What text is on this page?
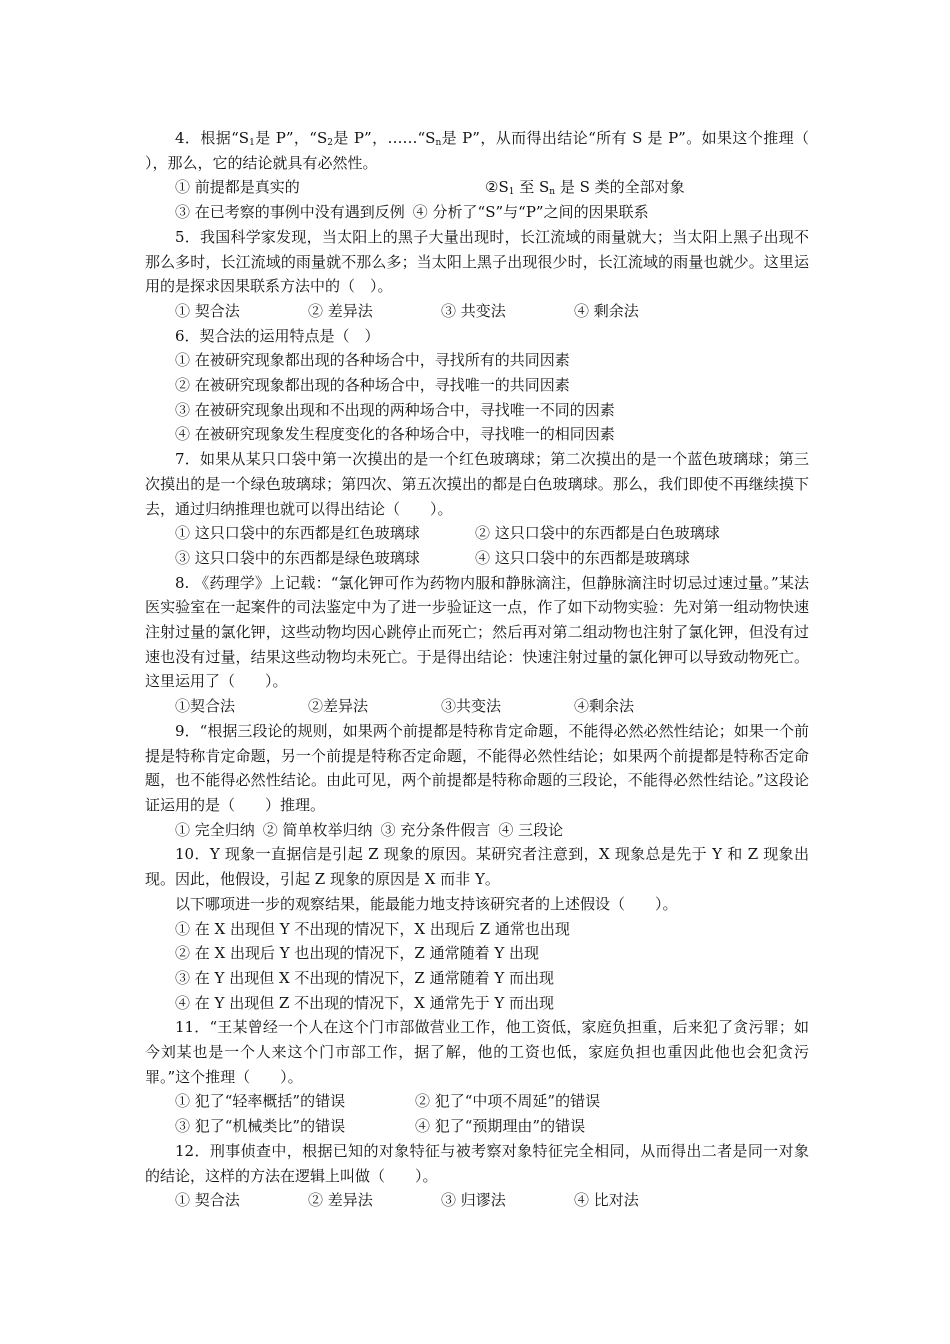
4．根据“$S_1$是 P”，“$S_2$是 P”，$\dots\dots“S_n$是 P”，从而得出结论“所有 S 是 P”。如果这个推理（　　），那么，它的结论就具有必然性。

① 前提都是真实的	$②S_1$ 至 $S_n$ 是 S 类的全部对象

③ 在已考察的事例中没有遇到反例 ④ 分析了“S”与“P”之间的因果联系

5．我国科学家发现，当太阳上的黑子大量出现时，长江流域的雨量就大；当太阳上黑子出现不那么多时，长江流域的雨量就不那么多；当太阳上黑子出现很少时，长江流域的雨量也就少。这里运用的是探求因果联系方法中的（　）。

① 契合法	② 差异法	③ 共变法	④ 剩余法

6．契合法的运用特点是（　）

① 在被研究现象都出现的各种场合中，寻找所有的共同因素

② 在被研究现象都出现的各种场合中，寻找唯一的共同因素

③ 在被研究现象出现和不出现的两种场合中，寻找唯一不同的因素

④ 在被研究现象发生程度变化的各种场合中，寻找唯一的相同因素

7．如果从某只口袋中第一次摸出的是一个红色玻璃球；第二次摸出的是一个蓝色玻璃球；第三次摸出的是一个绿色玻璃球；第四次、第五次摸出的都是白色玻璃球。那么，我们即使不再继续摸下去，通过归纳推理也就可以得出结论（　　）。

① 这只口袋中的东西都是红色玻璃球	② 这只口袋中的东西都是白色玻璃球

③ 这只口袋中的东西都是绿色玻璃球	④ 这只口袋中的东西都是玻璃球

8. 《药理学》上记载：“氯化钾可作为药物内服和静脉滴注，但静脉滴注时切忌过速过量。”某法医实验室在一起案件的司法鉴定中为了进一步验证这一点，作了如下动物实验：先对第一组动物快速注射过量的氯化钾，这些动物均因心跳停止而死亡；然后再对第二组动物也注射了氯化钾，但没有过速也没有过量，结果这些动物均未死亡。于是得出结论：快速注射过量的氯化钾可以导致动物死亡。这里运用了（　　）。

①契合法	②差异法	③共变法	④剩余法

9．“根据三段论的规则，如果两个前提都是特称肯定命题，不能得必然必然性结论；如果一个前提是特称肯定命题，另一个前提是特称否定命题，不能得必然性结论；如果两个前提都是特称否定命题，也不能得必然性结论。由此可见，两个前提都是特称命题的三段论，不能得必然性结论。”这段论证运用的是（　　）推理。

① 完全归纳 ② 简单枚举归纳 ③ 充分条件假言 ④ 三段论

10．Y 现象一直据信是引起 Z 现象的原因。某研究者注意到，X 现象总是先于 Y 和 Z 现象出现。因此，他假设，引起 Z 现象的原因是 X 而非 Y。

以下哪项进一步的观察结果，能最能力地支持该研究者的上述假设（　　）。

① 在 X 出现但 Y 不出现的情况下，X 出现后 Z 通常也出现

② 在 X 出现后 Y 也出现的情况下，Z 通常随着 Y 出现

③ 在 Y 出现但 X 不出现的情况下，Z 通常随着 Y 而出现

④ 在 Y 出现但 Z 不出现的情况下，X 通常先于 Y 而出现

11．“王某曾经一个人在这个门市部做营业工作，他工资低，家庭负担重，后来犯了贪污罪；如今刘某也是一个人来这个门市部工作，据了解，他的工资也低，家庭负担也重因此他也会犯贪污罪。”这个推理（　　）。

① 犯了“轻率概括”的错误	② 犯了“中项不周延”的错误

③ 犯了“机械类比”的错误	④ 犯了“预期理由”的错误

12．刑事侦查中，根据已知的对象特征与被考察对象特征完全相同，从而得出二者是同一对象的结论，这样的方法在逻辑上叫做（　　）。

① 契合法	② 差异法	③ 归谬法	④ 比对法
